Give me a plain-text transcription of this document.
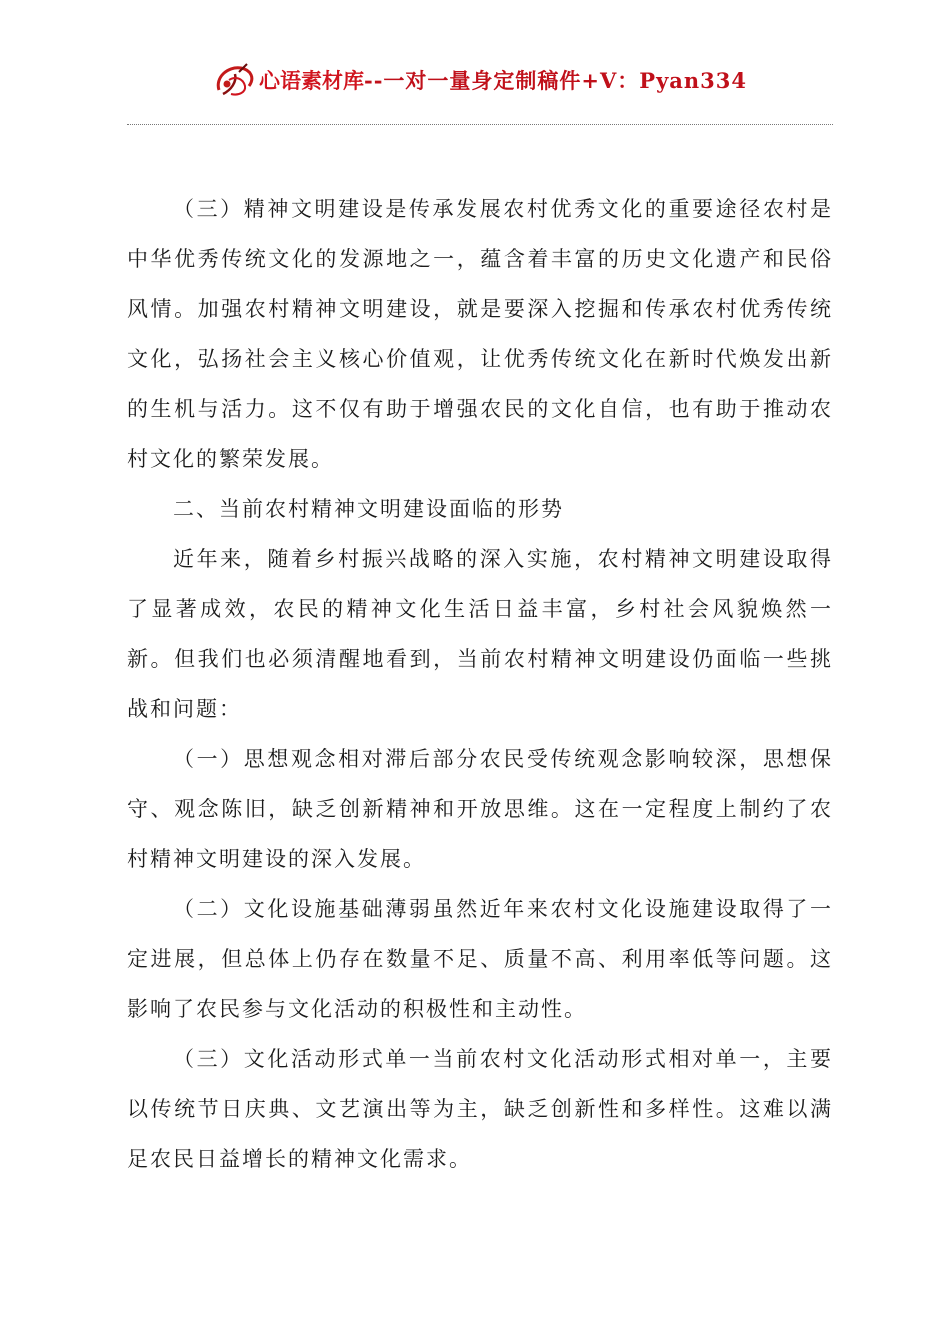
心语素材库 --一对一量身定制稿件+V：Pyan334

（三）精神文明建设是传承发展农村优秀文化的重要途径农村是中华优秀传统文化的发源地之一，蕴含着丰富的历史文化遗产和民俗风情。加强农村精神文明建设，就是要深入挖掘和传承农村优秀传统文化，弘扬社会主义核心价值观，让优秀传统文化在新时代焕发出新的生机与活力。这不仅有助于增强农民的文化自信，也有助于推动农村文化的繁荣发展。

二、当前农村精神文明建设面临的形势

近年来，随着乡村振兴战略的深入实施，农村精神文明建设取得了显著成效，农民的精神文化生活日益丰富，乡村社会风貌焕然一新。但我们也必须清醒地看到，当前农村精神文明建设仍面临一些挑战和问题：

（一）思想观念相对滞后部分农民受传统观念影响较深，思想保守、观念陈旧，缺乏创新精神和开放思维。这在一定程度上制约了农村精神文明建设的深入发展。

（二）文化设施基础薄弱虽然近年来农村文化设施建设取得了一定进展，但总体上仍存在数量不足、质量不高、利用率低等问题。这影响了农民参与文化活动的积极性和主动性。

（三）文化活动形式单一当前农村文化活动形式相对单一，主要以传统节日庆典、文艺演出等为主，缺乏创新性和多样性。这难以满足农民日益增长的精神文化需求。
